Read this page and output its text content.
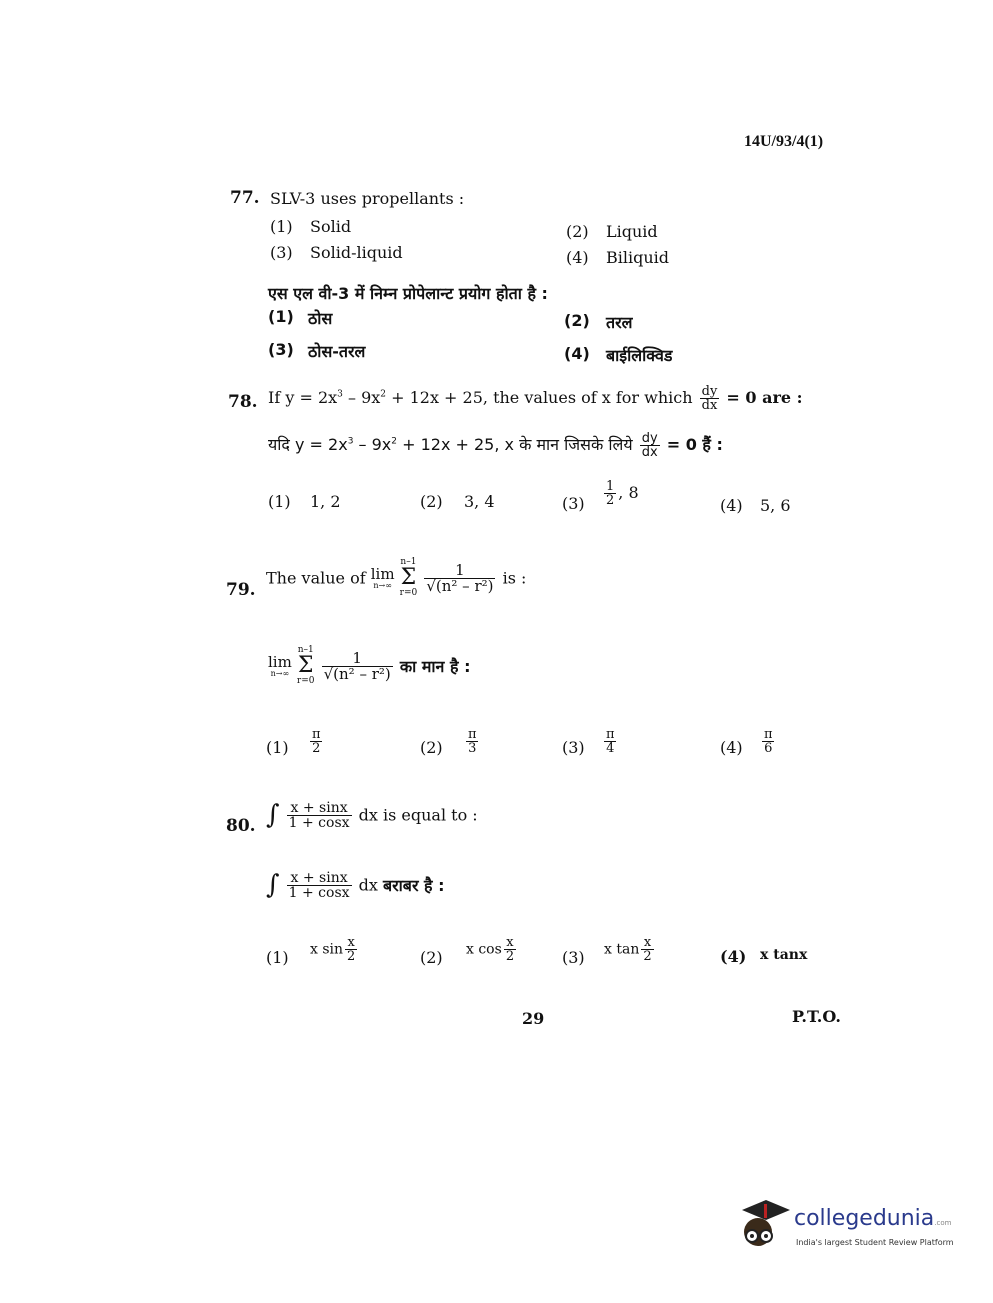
14U/93/4(1)
77. SLV-3 uses propellants :
(1) Solid	(2) Liquid
(3) Solid-liquid	(4) Biliquid
एस एल वी-3 में निम्न प्रोपेलान्ट प्रयोग होता है :
(1) ठोस	(2) तरल
(3) ठोस-तरल	(4) बाईलिक्विड
78. If $y = 2x^3 - 9x^2 + 12x + 25$, the values of x for which $\frac{dy}{dx} = 0$ are :
यदि $y = 2x^3 - 9x^2 + 12x + 25$, x के मान जिसके लिये $\frac{dy}{dx} = 0$ हैं :
(1) 1, 2	(2) 3, 4	$(3) \frac{1}{2}$ , 8
(4) 5, 6
79.
The value of lim
n→∞

n–1
Σ
r=0
$\frac{1}{\text{√(n² – r²)}}$ is :
lim
n→∞

n–1
Σ
r=0
$\frac{1}{\text{√(n² – r²)}}$ का मान है :
$(1) \frac{\pi}{2}$	$(2) \frac{\pi}{3}$	$(3) \frac{\pi}{4}$	$(4) \frac{\pi}{6}$
80. ∫ $\frac{x + \sin x}{1 + \cos x}$ dx is equal to :
∫ $\frac{x + \sin x}{1 + \cos x}$ dx बराबर है :
(1) x $\sin \frac{x}{2}$	(2) x $\cos \frac{x}{2}$	(3) x $\tan \frac{x}{2}$	(4) x tanx
29	P.T.O.
collegedunia.com
India's largest Student Review Platform
